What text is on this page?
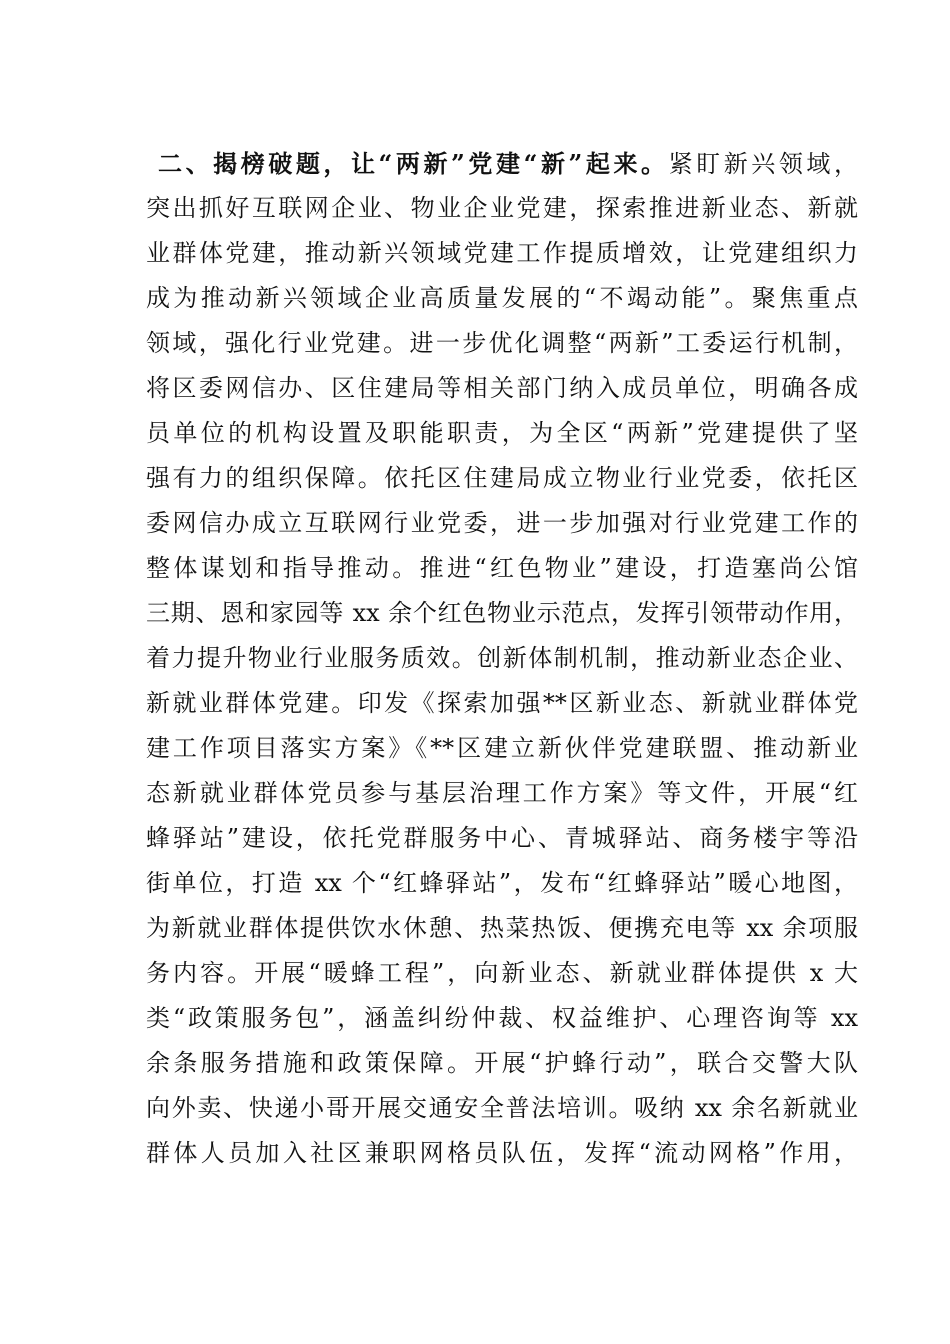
二、揭榜破题，让“两新”党建“新”起来。紧盯新兴领域，
突出抓好互联网企业、物业企业党建，探索推进新业态、新就
业群体党建，推动新兴领域党建工作提质增效，让党建组织力
成为推动新兴领域企业高质量发展的“不竭动能”。聚焦重点
领域，强化行业党建。进一步优化调整“两新”工委运行机制，
将区委网信办、区住建局等相关部门纳入成员单位，明确各成
员单位的机构设置及职能职责，为全区“两新”党建提供了坚
强有力的组织保障。依托区住建局成立物业行业党委，依托区
委网信办成立互联网行业党委，进一步加强对行业党建工作的
整体谋划和指导推动。推进“红色物业”建设，打造塞尚公馆
三期、恩和家园等 xx 余个红色物业示范点，发挥引领带动作用，
着力提升物业行业服务质效。创新体制机制，推动新业态企业、
新就业群体党建。印发《探索加强**区新业态、新就业群体党
建工作项目落实方案》《**区建立新伙伴党建联盟、推动新业
态新就业群体党员参与基层治理工作方案》等文件，开展“红
蜂驿站”建设，依托党群服务中心、青城驿站、商务楼宇等沿
街单位，打造 xx 个“红蜂驿站”，发布“红蜂驿站”暖心地图，
为新就业群体提供饮水休憩、热菜热饭、便携充电等 xx 余项服
务内容。开展“暖蜂工程”，向新业态、新就业群体提供 x 大
类“政策服务包”，涵盖纠纷仲裁、权益维护、心理咨询等 xx
余条服务措施和政策保障。开展“护蜂行动”，联合交警大队
向外卖、快递小哥开展交通安全普法培训。吸纳 xx 余名新就业
群体人员加入社区兼职网格员队伍，发挥“流动网格”作用，
